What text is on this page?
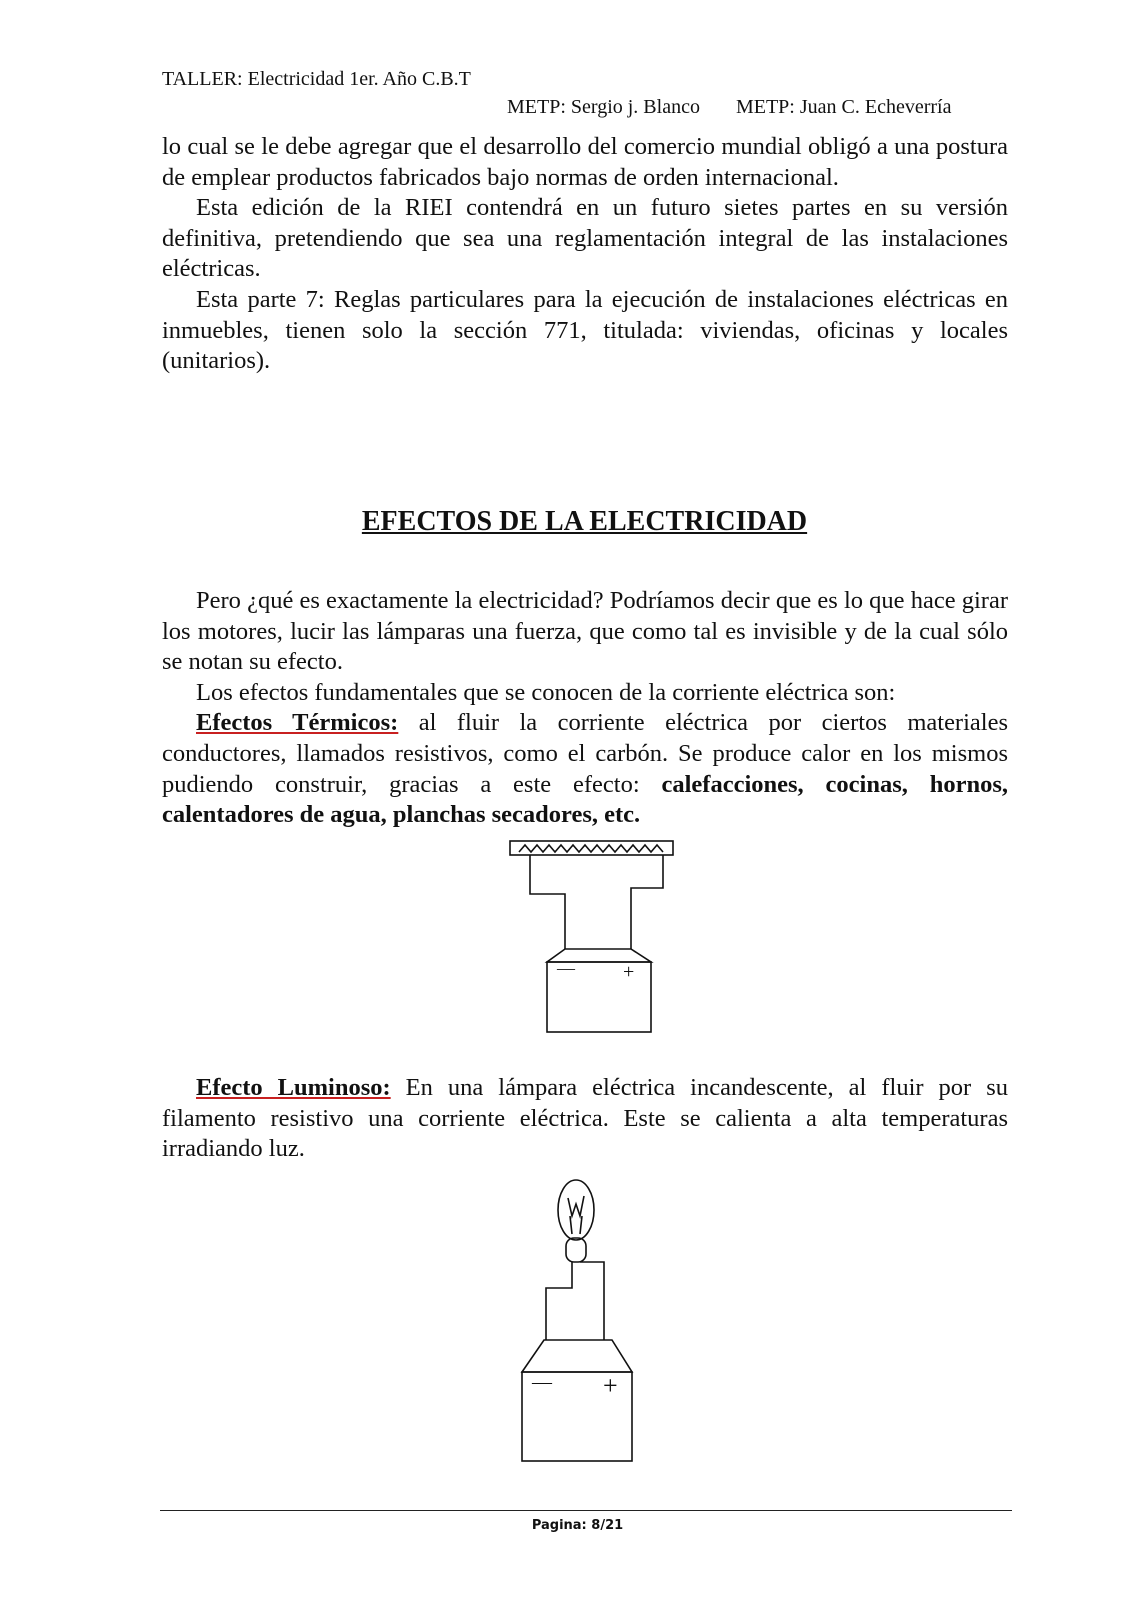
TALLER: Electricidad 1er. Año C.B.T
METP: Sergio j. Blanco METP: Juan C. Echeverría

lo cual se le debe agregar que el desarrollo del comercio mundial obligó a una postura de emplear productos fabricados bajo normas de orden internacional.

Esta edición de la RIEI contendrá en un futuro sietes partes en su versión definitiva, pretendiendo que sea una reglamentación integral de las instalaciones eléctricas.

Esta parte 7: Reglas particulares para la ejecución de instalaciones eléctricas en inmuebles, tienen solo la sección 771, titulada: viviendas, oficinas y locales (unitarios).

EFECTOS DE LA ELECTRICIDAD

Pero ¿qué es exactamente la electricidad? Podríamos decir que es lo que hace girar los motores, lucir las lámparas una fuerza, que como tal es invisible y de la cual sólo se notan su efecto.

Los efectos fundamentales que se conocen de la corriente eléctrica son:

Efectos Térmicos: al fluir la corriente eléctrica por ciertos materiales conductores, llamados resistivos, como el carbón. Se produce calor en los mismos pudiendo construir, gracias a este efecto: calefacciones, cocinas, hornos, calentadores de agua, planchas secadores, etc.

— +

Efecto Luminoso: En una lámpara eléctrica incandescente, al fluir por su filamento resistivo una corriente eléctrica. Este se calienta a alta temperaturas irradiando luz.

— +
Pagina: 8/21
